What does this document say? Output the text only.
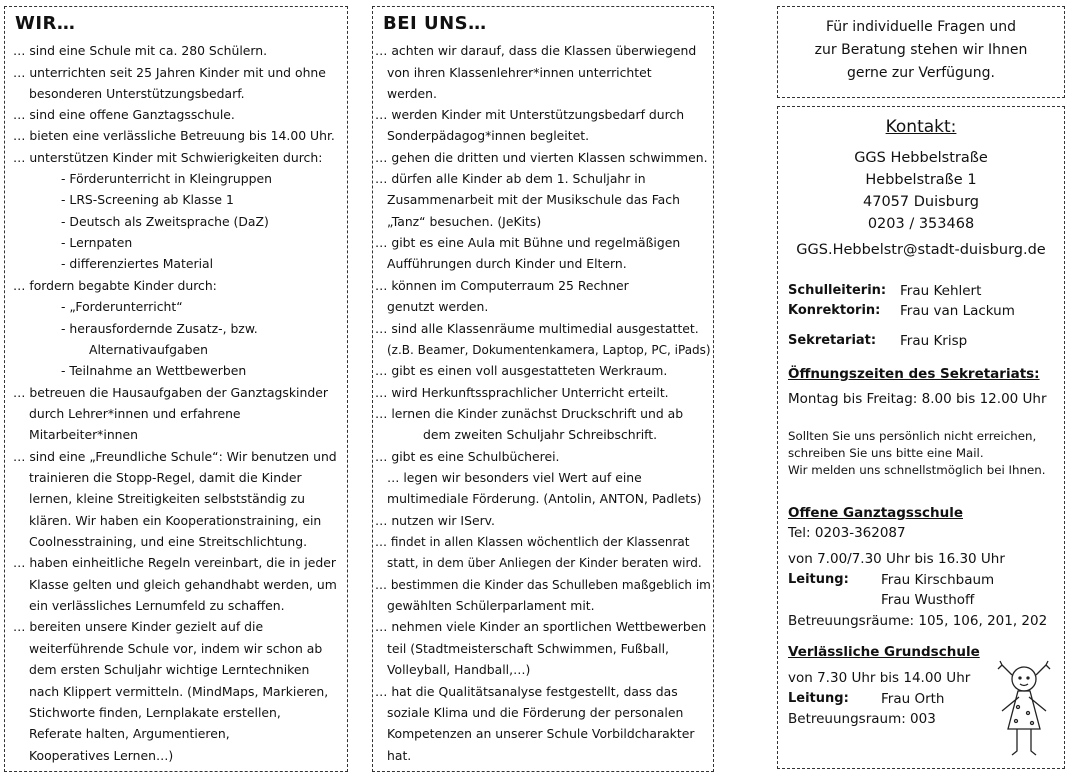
WIR…
… sind eine Schule mit ca. 280 Schülern.
… unterrichten seit 25 Jahren Kinder mit und ohne
besonderen Unterstützungsbedarf.
… sind eine offene Ganztagsschule.
… bieten eine verlässliche Betreuung bis 14.00 Uhr.
… unterstützen Kinder mit Schwierigkeiten durch:
- Förderunterricht in Kleingruppen
- LRS-Screening ab Klasse 1
- Deutsch als Zweitsprache (DaZ)
- Lernpaten
- differenziertes Material
… fordern begabte Kinder durch:
- „Forderunterricht“
- herausfordernde Zusatz-, bzw.
Alternativaufgaben
- Teilnahme an Wettbewerben
… betreuen die Hausaufgaben der Ganztagskinder
durch Lehrer*innen und erfahrene
Mitarbeiter*innen
… sind eine „Freundliche Schule“: Wir benutzen und
trainieren die Stopp-Regel, damit die Kinder
lernen, kleine Streitigkeiten selbstständig zu
klären. Wir haben ein Kooperationstraining, ein
Coolnesstraining, und eine Streitschlichtung.
… haben einheitliche Regeln vereinbart, die in jeder
Klasse gelten und gleich gehandhabt werden, um
ein verlässliches Lernumfeld zu schaffen.
… bereiten unsere Kinder gezielt auf die
weiterführende Schule vor, indem wir schon ab
dem ersten Schuljahr wichtige Lerntechniken
nach Klippert vermitteln. (MindMaps, Markieren,
Stichworte finden, Lernplakate erstellen,
Referate halten, Argumentieren,
Kooperatives Lernen…)
BEI UNS…
… achten wir darauf, dass die Klassen überwiegend
von ihren Klassenlehrer*innen unterrichtet
werden.
… werden Kinder mit Unterstützungsbedarf durch
Sonderpädagog*innen begleitet.
… gehen die dritten und vierten Klassen schwimmen.
… dürfen alle Kinder ab dem 1. Schuljahr in
Zusammenarbeit mit der Musikschule das Fach
„Tanz“ besuchen. (JeKits)
… gibt es eine Aula mit Bühne und regelmäßigen
Aufführungen durch Kinder und Eltern.
… können im Computerraum 25 Rechner
genutzt werden.
… sind alle Klassenräume multimedial ausgestattet.
(z.B. Beamer, Dokumentenkamera, Laptop, PC, iPads)
… gibt es einen voll ausgestatteten Werkraum.
… wird Herkunftssprachlicher Unterricht erteilt.
… lernen die Kinder zunächst Druckschrift und ab
dem zweiten Schuljahr Schreibschrift.
… gibt es eine Schulbücherei.
… legen wir besonders viel Wert auf eine
multimediale Förderung. (Antolin, ANTON, Padlets)
… nutzen wir IServ.
… findet in allen Klassen wöchentlich der Klassenrat
statt, in dem über Anliegen der Kinder beraten wird.
… bestimmen die Kinder das Schulleben maßgeblich im
gewählten Schülerparlament mit.
… nehmen viele Kinder an sportlichen Wettbewerben
teil (Stadtmeisterschaft Schwimmen, Fußball,
Volleyball, Handball,…)
… hat die Qualitätsanalyse festgestellt, dass das
soziale Klima und die Förderung der personalen
Kompetenzen an unserer Schule Vorbildcharakter
hat.
Für individuelle Fragen und
zur Beratung stehen wir Ihnen
gerne zur Verfügung.
Kontakt:
GGS Hebbelstraße
Hebbelstraße 1
47057 Duisburg
0203 / 353468
GGS.Hebbelstr@stadt-duisburg.de
Schulleiterin: Frau Kehlert
Konrektorin: Frau van Lackum
Sekretariat: Frau Krisp
Öffnungszeiten des Sekretariats:
Montag bis Freitag: 8.00 bis 12.00 Uhr
Sollten Sie uns persönlich nicht erreichen,
schreiben Sie uns bitte eine Mail.
Wir melden uns schnellstmöglich bei Ihnen.
Offene Ganztagsschule
Tel: 0203-362087
von 7.00/7.30 Uhr bis 16.30 Uhr
Leitung: Frau Kirschbaum
Frau Wusthoff
Betreuungsräume: 105, 106, 201, 202
Verlässliche Grundschule
von 7.30 Uhr bis 14.00 Uhr
Leitung: Frau Orth
Betreuungsraum: 003
